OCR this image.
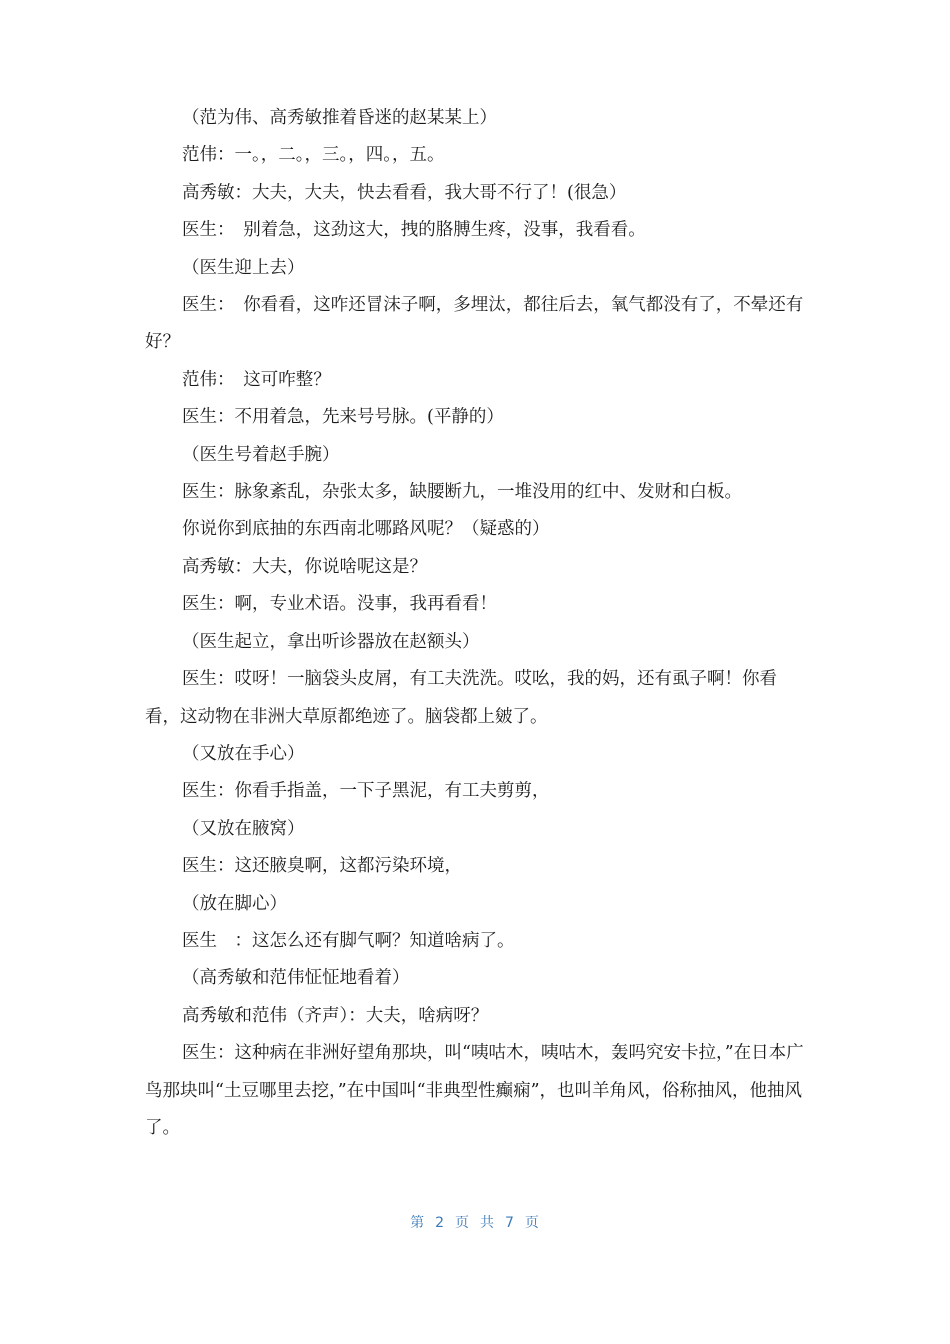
（范为伟、高秀敏推着昏迷的赵某某上）

范伟：一。，二。，三。，四。，五。

高秀敏：大夫，大夫，快去看看，我大哥不行了！(很急）

医生：　别着急，这劲这大，拽的胳膊生疼，没事，我看看。

（医生迎上去）

医生：　你看看，这咋还冒沫子啊，多埋汰，都往后去，氧气都没有了，不晕还有好？

范伟：　这可咋整？

医生：不用着急，先来号号脉。(平静的）

（医生号着赵手腕）

医生：脉象紊乱，杂张太多，缺腰断九，一堆没用的红中、发财和白板。

你说你到底抽的东西南北哪路风呢？（疑惑的）

高秀敏：大夫，你说啥呢这是？

医生：啊，专业术语。没事，我再看看！

（医生起立，拿出听诊器放在赵额头）

医生：哎呀！一脑袋头皮屑，有工夫洗洗。哎吆，我的妈，还有虱子啊！你看看，这动物在非洲大草原都绝迹了。脑袋都上皴了。

（又放在手心）

医生：你看手指盖，一下子黑泥，有工夫剪剪，

（又放在腋窝）

医生：这还腋臭啊，这都污染环境，

（放在脚心）

医生　：这怎么还有脚气啊？知道啥病了。

（高秀敏和范伟怔怔地看着）

高秀敏和范伟（齐声）：大夫，啥病呀？

医生：这种病在非洲好望角那块，叫“咦咕木，咦咕木，轰吗究安卡拉，”在日本广鸟那块叫“土豆哪里去挖，”在中国叫“非典型性癫痫”，也叫羊角风，俗称抽风，他抽风了。

第 2 页 共 7 页
